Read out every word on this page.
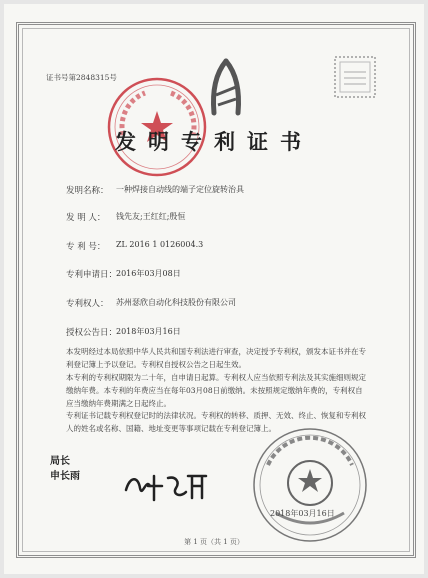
证书号第2848315号
发明专利证书
发明名称： 一种焊接自动线的端子定位旋转治具
发 明 人： 钱先友;王红红;殷恒
专 利 号： ZL 2016 1 0126004.3
专利申请日：
2016年03月08日
专利权人： 苏州瑟欣自动化科技股份有限公司
授权公告日：
2018年03月16日
本发明经过本局依照中华人民共和国专利法进行审查，决定授予专利权，颁发本证书并在专利登记簿上予以登记。专利权自授权公告之日起生效。
本专利的专利权期限为二十年，自申请日起算。专利权人应当依照专利法及其实施细则规定缴纳年费。本专利的年费应当在每年03月08日前缴纳。未按照规定缴纳年费的，专利权自应当缴纳年费期满之日起终止。
专利证书记载专利权登记时的法律状况。专利权的转移、质押、无效、终止、恢复和专利权人的姓名或名称、国籍、地址变更等事项记载在专利登记簿上。
局长
申长雨
2018年03月16日
第 1 页（共 1 页）
